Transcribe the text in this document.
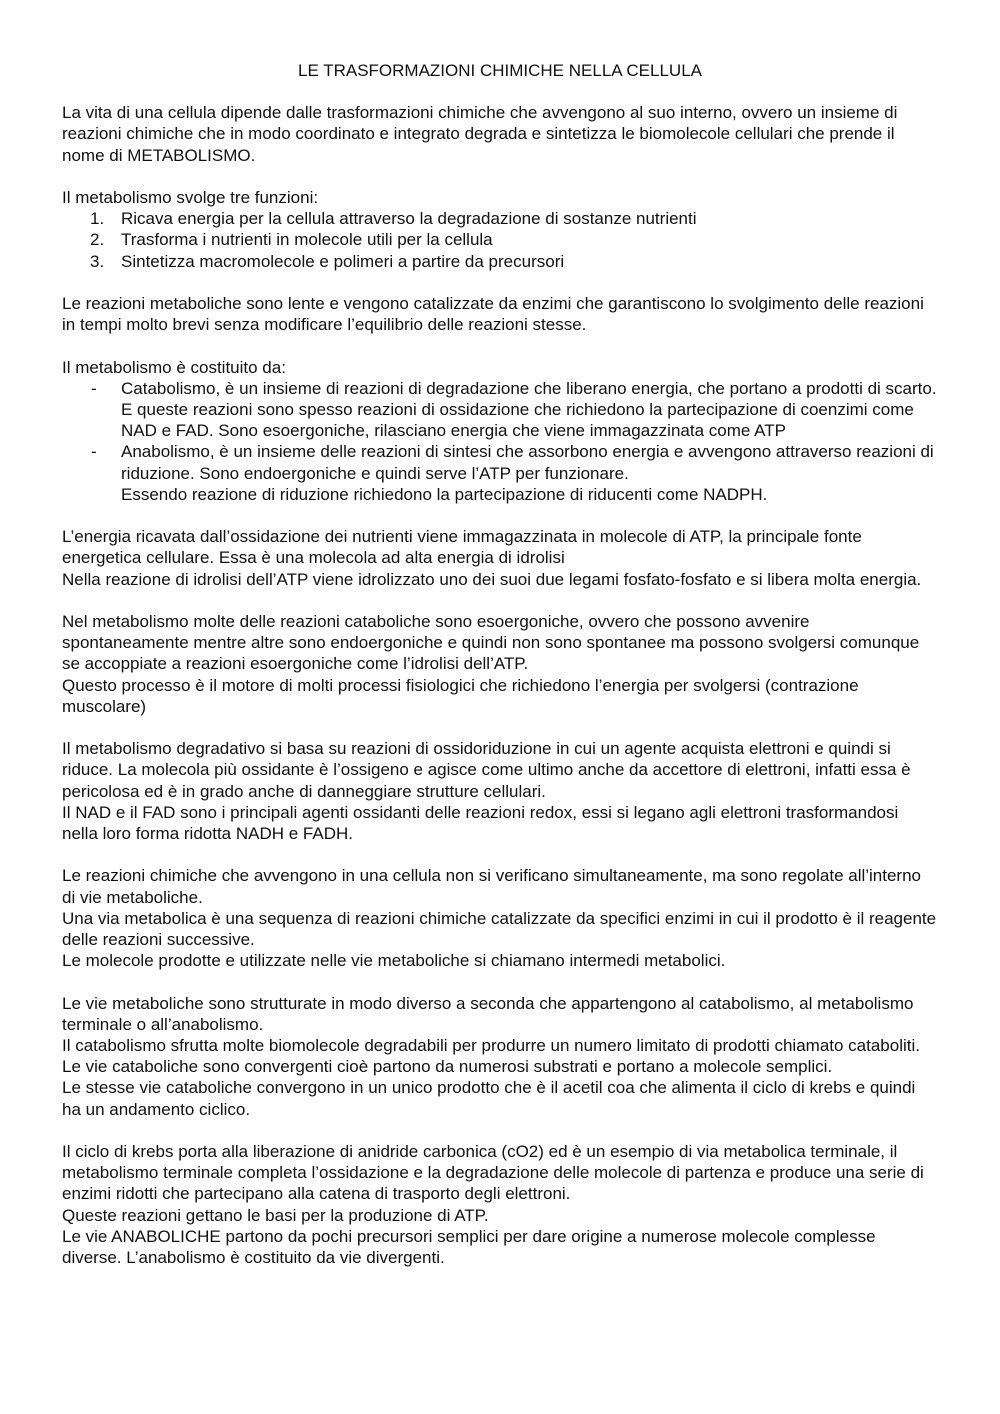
LE TRASFORMAZIONI CHIMICHE NELLA CELLULA

La vita di una cellula dipende dalle trasformazioni chimiche che avvengono al suo interno, ovvero un insieme di reazioni chimiche che in modo coordinato e integrato degrada e sintetizza le biomolecole cellulari che prende il nome di METABOLISMO.

Il metabolismo svolge tre funzioni:

1. Ricava energia per la cellula attraverso la degradazione di sostanze nutrienti
2. Trasforma i nutrienti in molecole utili per la cellula
3. Sintetizza macromolecole e polimeri a partire da precursori

Le reazioni metaboliche sono lente e vengono catalizzate da enzimi che garantiscono lo svolgimento delle reazioni in tempi molto brevi senza modificare l’equilibrio delle reazioni stesse.

Il metabolismo è costituito da:

- Catabolismo, è un insieme di reazioni di degradazione che liberano energia, che portano a prodotti di scarto. E queste reazioni sono spesso reazioni di ossidazione che richiedono la partecipazione di coenzimi come NAD e FAD. Sono esoergoniche, rilasciano energia che viene immagazzinata come ATP
- Anabolismo, è un insieme delle reazioni di sintesi che assorbono energia e avvengono attraverso reazioni di riduzione. Sono endoergoniche e quindi serve l’ATP per funzionare.
Essendo reazione di riduzione richiedono la partecipazione di riducenti come NADPH.

L’energia ricavata dall’ossidazione dei nutrienti viene immagazzinata in molecole di ATP, la principale fonte energetica cellulare. Essa è una molecola ad alta energia di idrolisi

Nella reazione di idrolisi dell’ATP viene idrolizzato uno dei suoi due legami fosfato-fosfato e si libera molta energia.

Nel metabolismo molte delle reazioni cataboliche sono esoergoniche, ovvero che possono avvenire spontaneamente mentre altre sono endoergoniche e quindi non sono spontanee ma possono svolgersi comunque se accoppiate a reazioni esoergoniche come l’idrolisi dell’ATP.

Questo processo è il motore di molti processi fisiologici che richiedono l’energia per svolgersi (contrazione muscolare)

Il metabolismo degradativo si basa su reazioni di ossidoriduzione in cui un agente acquista elettroni e quindi si riduce. La molecola più ossidante è l’ossigeno e agisce come ultimo anche da accettore di elettroni, infatti essa è pericolosa ed è in grado anche di danneggiare strutture cellulari.

Il NAD e il FAD sono i principali agenti ossidanti delle reazioni redox, essi si legano agli elettroni trasformandosi nella loro forma ridotta NADH e FADH.

Le reazioni chimiche che avvengono in una cellula non si verificano simultaneamente, ma sono regolate all’interno di vie metaboliche.

Una via metabolica è una sequenza di reazioni chimiche catalizzate da specifici enzimi in cui il prodotto è il reagente delle reazioni successive.

Le molecole prodotte e utilizzate nelle vie metaboliche si chiamano intermedi metabolici.

Le vie metaboliche sono strutturate in modo diverso a seconda che appartengono al catabolismo, al metabolismo terminale o all’anabolismo.

Il catabolismo sfrutta molte biomolecole degradabili per produrre un numero limitato di prodotti chiamato cataboliti.

Le vie cataboliche sono convergenti cioè partono da numerosi substrati e portano a molecole semplici.

Le stesse vie cataboliche convergono in un unico prodotto che è il acetil coa che alimenta il ciclo di krebs e quindi ha un andamento ciclico.

Il ciclo di krebs porta alla liberazione di anidride carbonica (cO2) ed è un esempio di via metabolica terminale, il metabolismo terminale completa l’ossidazione e la degradazione delle molecole di partenza e produce una serie di enzimi ridotti che partecipano alla catena di trasporto degli elettroni.

Queste reazioni gettano le basi per la produzione di ATP.

Le vie ANABOLICHE partono da pochi precursori semplici per dare origine a numerose molecole complesse diverse. L’anabolismo è costituito da vie divergenti.
